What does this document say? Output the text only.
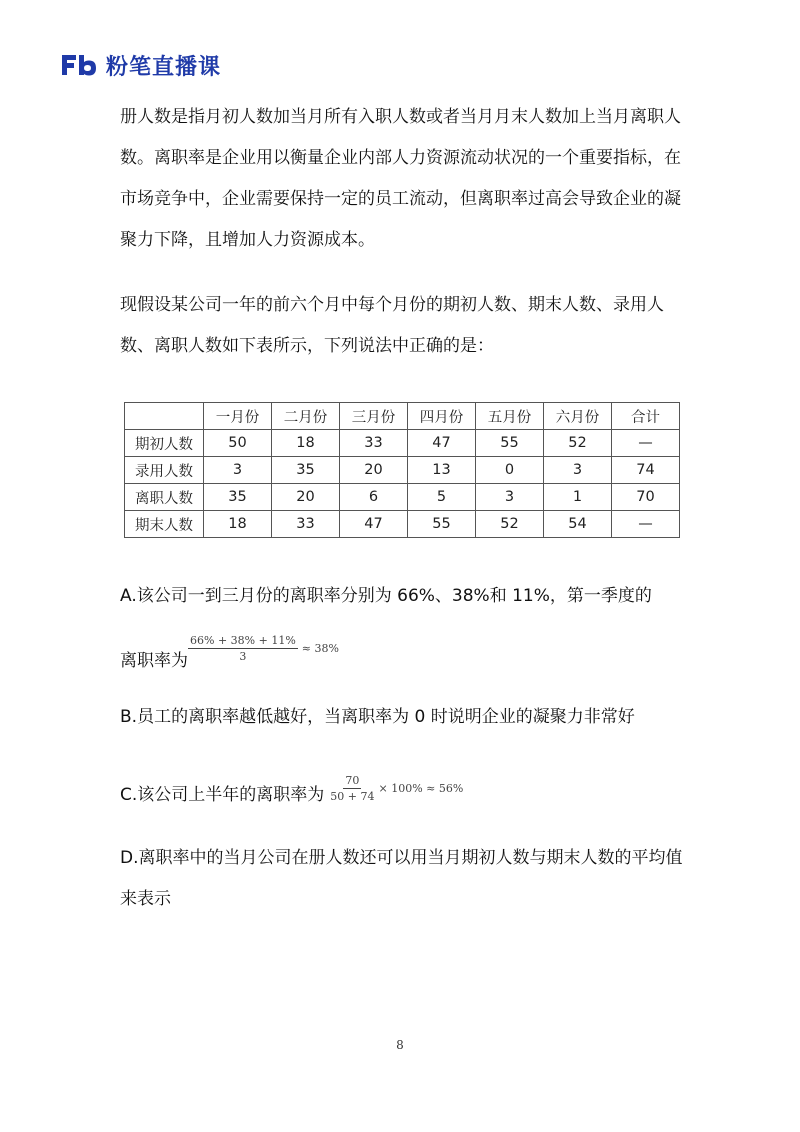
粉笔直播课
册人数是指月初人数加当月所有入职人数或者当月月末人数加上当月离职人数。离职率是企业用以衡量企业内部人力资源流动状况的一个重要指标，在市场竞争中，企业需要保持一定的员工流动，但离职率过高会导致企业的凝聚力下降，且增加人力资源成本。
现假设某公司一年的前六个月中每个月份的期初人数、期末人数、录用人数、离职人数如下表所示，下列说法中正确的是：
	一月份	二月份	三月份	四月份	五月份	六月份	合计
期初人数	50	18	33	47	55	52	—
录用人数	3	35	20	13	0	3	74
离职人数	35	20	6	5	3	1	70
期末人数	18	33	47	55	52	54	—
A.该公司一到三月份的离职率分别为 66%、38%和 11%，第一季度的
离职率为 $\frac{66\% + 38\% + 11\%}{3} \approx 38\%$
B.员工的离职率越低越好，当离职率为 0 时说明企业的凝聚力非常好
C.该公司上半年的离职率为 $\frac{70}{50 + 74} \times 100\% \approx 56\%$
D.离职率中的当月公司在册人数还可以用当月期初人数与期末人数的平均值来表示
8
